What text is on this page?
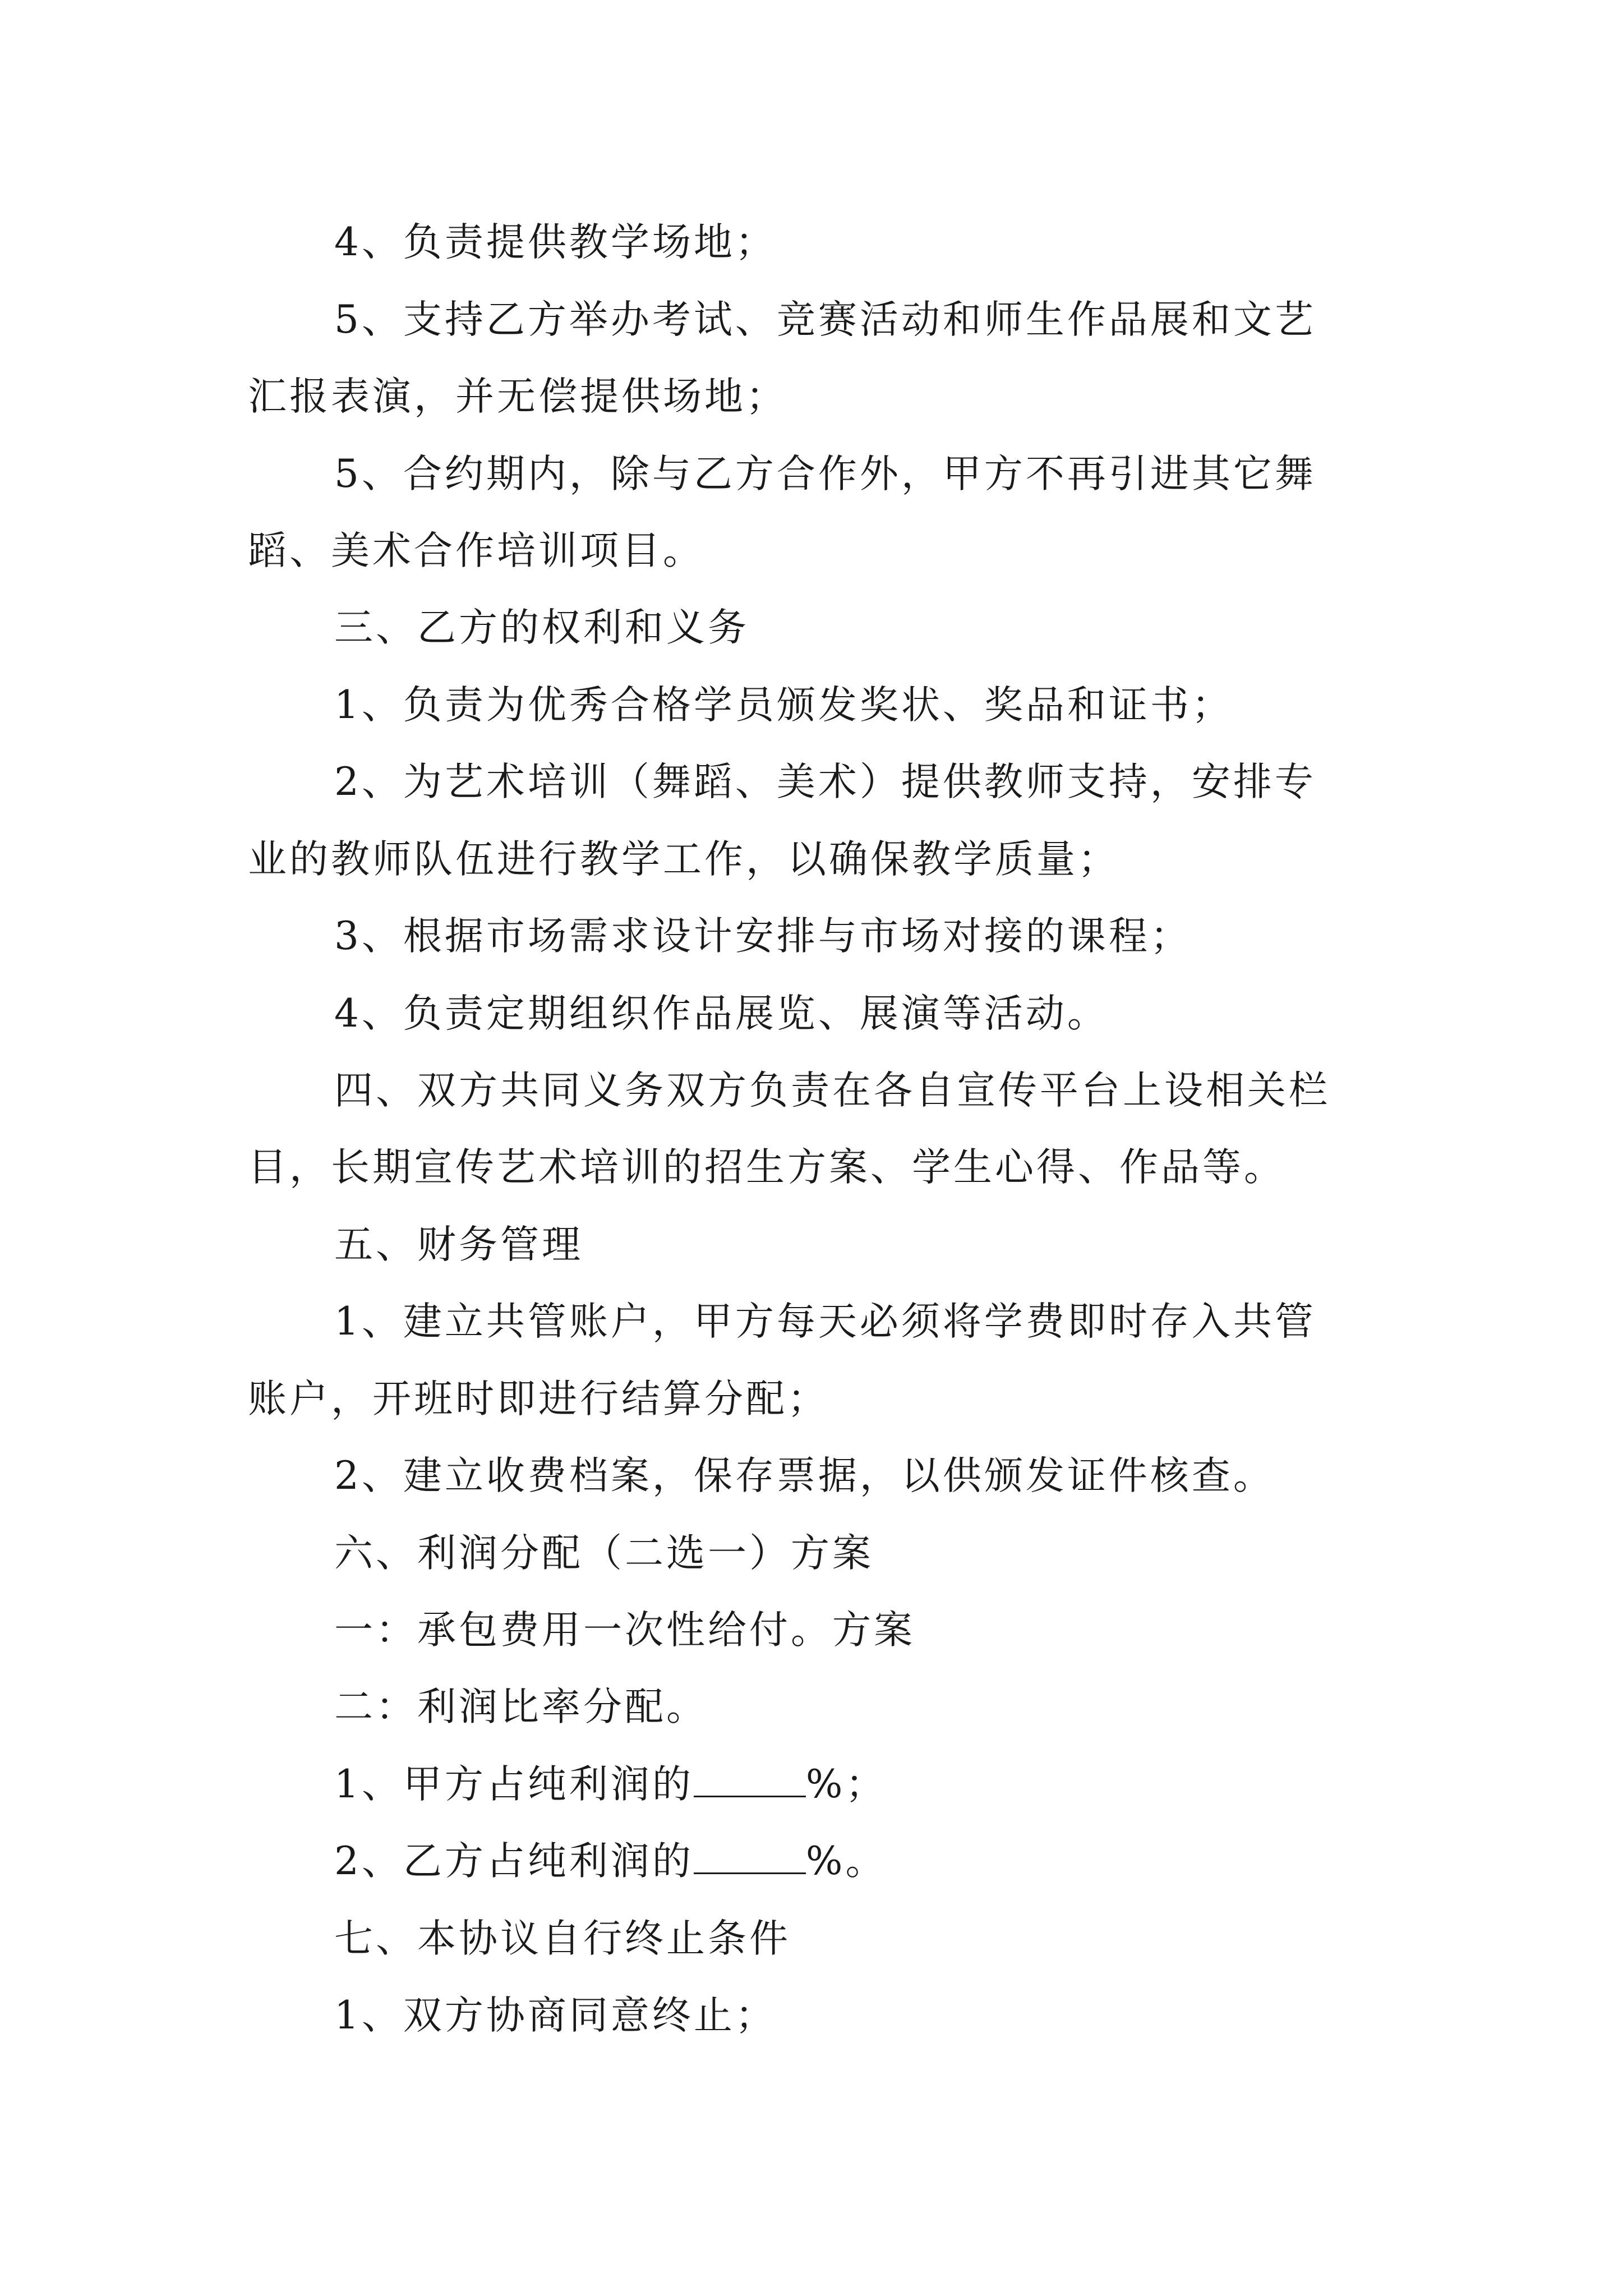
4、负责提供教学场地；
5、支持乙方举办考试、竞赛活动和师生作品展和文艺
汇报表演，并无偿提供场地；
5、合约期内，除与乙方合作外，甲方不再引进其它舞
蹈、美术合作培训项目。
三、乙方的权利和义务
1、负责为优秀合格学员颁发奖状、奖品和证书；
2、为艺术培训（舞蹈、美术）提供教师支持，安排专
业的教师队伍进行教学工作，以确保教学质量；
3、根据市场需求设计安排与市场对接的课程；
4、负责定期组织作品展览、展演等活动。
四、双方共同义务双方负责在各自宣传平台上设相关栏
目，长期宣传艺术培训的招生方案、学生心得、作品等。
五、财务管理
1、建立共管账户，甲方每天必须将学费即时存入共管
账户，开班时即进行结算分配；
2、建立收费档案，保存票据，以供颁发证件核查。
六、利润分配（二选一）方案
一：承包费用一次性给付。方案
二：利润比率分配。
1、甲方占纯利润的	%；
2、乙方占纯利润的	%。
七、本协议自行终止条件
1、双方协商同意终止；
